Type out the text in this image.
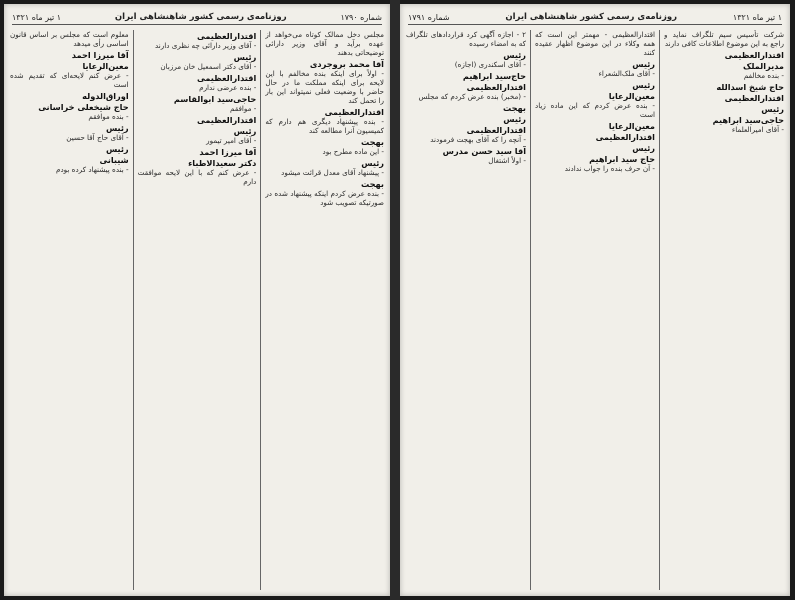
شماره ۱۷۹۰
روزنامه‌ی رسمی کشور شاهنشاهی ایران
۱ تیر ماه ۱۳۲۱

مجلس دخل ممالک کوتاه می‌خواهد از عهده برآید و آقای وزیر دارائی توضیحاتی بدهند

آقا محمد بروجردی

- اولاً برای اینکه بنده مخالفم با این لایحه برای اینکه مملکت ما در حال حاضر با وضعیت فعلی نمیتواند این بار را تحمل کند

اقتدارالعظیمی

- بنده پیشنهاد دیگری هم دارم که کمیسیون آنرا مطالعه کند

بهجت

- این ماده مطرح بود

رئیس

- پیشنهاد آقای معدل قرائت میشود

بهجت

- بنده عرض کردم اینکه پیشنهاد شده در صورتیکه تصویب شود

اقتدارالعظیمی

- آقای وزیر دارائی چه نظری دارند

رئیس

- آقای دکتر اسمعیل خان مرزبان

اقتدارالعظیمی

- بنده عرضی ندارم

حاجی‌سید ابوالقاسم

- موافقم

اقتدارالعظیمی
رئیس

- آقای امیر تیمور

آقا میرزا احمد
دکتر سعیدالاطباء

- عرض کنم که با این لایحه موافقت دارم

معلوم است که مجلس بر اساس قانون اساسی رأی میدهد

آقا میرزا احمد
معین‌الرعایا

- عرض کنم لایحه‌ای که تقدیم شده است

اوراق‌الدوله
حاج شیخعلی خراسانی

- بنده موافقم

رئیس

- آقای حاج آقا حسین

رئیس
شیبانی

- بنده پیشنهاد کرده بودم

۱ تیر ماه ۱۳۲۱
روزنامه‌ی رسمی کشور شاهنشاهی ایران
شماره ۱۷۹۱

شرکت تأسیس سیم تلگراف نماید و راجع به این موضوع اطلاعات کافی دارند

اقتدارالعظیمی
مدیرالملک

- بنده مخالفم

حاج شیخ اسدالله
اقتدارالعظیمی
رئیس
حاجی‌سید ابراهیم

- آقای امیرالعلماء

اقتدارالعظیمی - مهمتر این است که همه وکلاء در این موضوع اظهار عقیده کنند

رئیس

- آقای ملک‌الشعراء

رئیس
معین‌الرعایا

- بنده عرض کردم که این ماده زیاد است

معین‌الرعایا
اقتدارالعظیمی
رئیس
حاج سید ابراهیم

- آن حرف بنده را جواب ندادند

۲ - اجازه آگهی کرد قراردادهای تلگراف که به امضاء رسیده

رئیس

- آقای اسکندری (اجازه)

حاج‌سید ابراهیم
اقتدارالعظیمی

- (مخبر) بنده عرض کردم که مجلس

بهجت
رئیس
اقتدارالعظیمی

- آنچه را که آقای بهجت فرمودند

آقا سید حسن مدرس

- اولاً اشتغال
